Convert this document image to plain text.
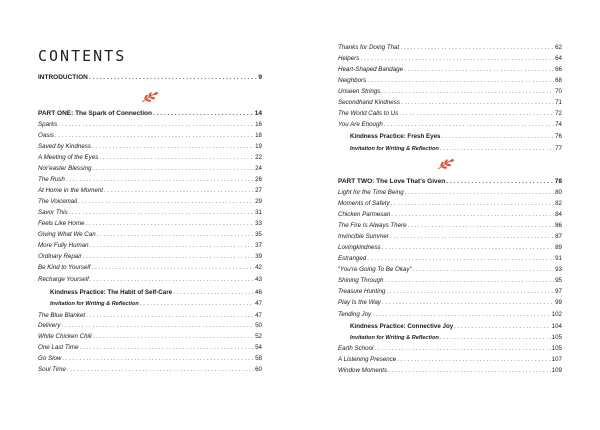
CONTENTS
INTRODUCTION . . .	9
PART ONE: The Spark of Connection . . .	14
Sparks . . .	16
Oasis . . .	18
Saved by Kindness . . .	19
A Meeting of the Eyes . . .	22
Nor'easter Blessing . . .	24
The Rush . . .	26
At Home in the Moment . . .	27
The Voicemail . . .	29
Savor This . . .	31
Feels Like Home . . .	33
Giving What We Can . . .	35
More Fully Human . . .	37
Ordinary Repair . . .	39
Be Kind to Yourself . . .	42
Recharge Yourself . . .	43
Kindness Practice: The Habit of Self-Care . . .	46
Invitation for Writing & Reflection . . .	47
The Blue Blanket . . .	47
Delivery . . .	50
White Chicken Chili . . .	52
One Last Time . . .	54
Go Slow . . .	58
Soul Time . . .	60
Thanks for Doing That . . .	62
Helpers . . .	64
Heart-Shaped Bandage . . .	66
Neighbors . . .	68
Unseen Strings . . .	70
Secondhand Kindness . . .	71
The World Calls to Us . . .	72
You Are Enough . . .	74
Kindness Practice: Fresh Eyes . . .	76
Invitation for Writing & Reflection . . .	77
PART TWO: The Love That's Given . . .	78
Light for the Time Being . . .	80
Moments of Safety . . .	82
Chicken Parmesan . . .	84
The Fire Is Always There . . .	86
Invincible Summer . . .	87
Lovingkindness . . .	89
Estranged . . .	91
“You're Going To Be Okay” . . .	93
Shining Through . . .	95
Treasure Hunting . . .	97
Play Is the Way . . .	99
Tending Joy . . .	102
Kindness Practice: Connective Joy . . .	104
Invitation for Writing & Reflection . . .	105
Earth School . . .	105
A Listening Presence . . .	107
Window Moments . . .	109
